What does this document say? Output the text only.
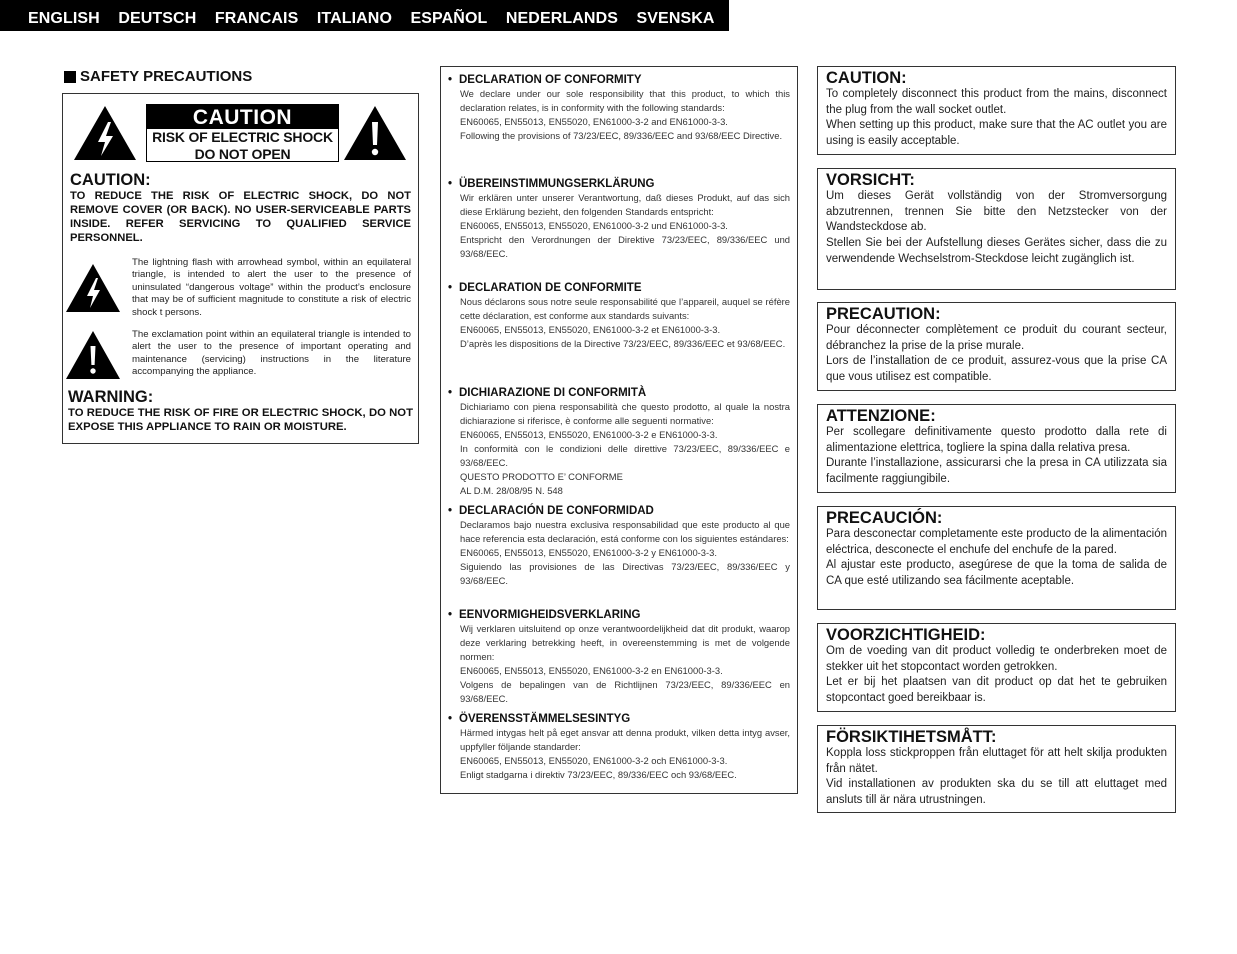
ENGLISH DEUTSCH FRANCAIS ITALIANO ESPAÑOL NEDERLANDS SVENSKA
SAFETY PRECAUTIONS
CAUTION
RISK OF ELECTRIC SHOCK
DO NOT OPEN
CAUTION:
TO REDUCE THE RISK OF ELECTRIC SHOCK, DO NOT REMOVE COVER (OR BACK). NO USER-SERVICEABLE PARTS INSIDE. REFER SERVICING TO QUALIFIED SERVICE PERSONNEL.
The lightning flash with arrowhead symbol, within an equilateral triangle, is intended to alert the user to the presence of uninsulated “dangerous voltage” within the product’s enclosure that may be of sufficient magnitude to constitute a risk of electric shock t persons.
The exclamation point within an equilateral triangle is intended to alert the user to the presence of important operating and maintenance (servicing) instructions in the literature accompanying the appliance.
WARNING:
TO REDUCE THE RISK OF FIRE OR ELECTRIC SHOCK, DO NOT EXPOSE THIS APPLIANCE TO RAIN OR MOISTURE.
• DECLARATION OF CONFORMITY

We declare under our sole responsibility that this product, to which this declaration relates, is in conformity with the following standards:

EN60065, EN55013, EN55020, EN61000-3-2 and EN61000-3-3.

Following the provisions of 73/23/EEC, 89/336/EEC and 93/68/EEC Directive.

• ÜBEREINSTIMMUNGSERKLÄRUNG

Wir erklären unter unserer Verantwortung, daß dieses Produkt, auf das sich diese Erklärung bezieht, den folgenden Standards entspricht:

EN60065, EN55013, EN55020, EN61000-3-2 und EN61000-3-3.

Entspricht den Verordnungen der Direktive 73/23/EEC, 89/336/EEC und 93/68/EEC.

• DECLARATION DE CONFORMITE

Nous déclarons sous notre seule responsabilité que l’appareil, auquel se réfère cette déclaration, est conforme aux standards suivants:

EN60065, EN55013, EN55020, EN61000-3-2 et EN61000-3-3.

D’après les dispositions de la Directive 73/23/EEC, 89/336/EEC et 93/68/EEC.

• DICHIARAZIONE DI CONFORMITÀ

Dichiariamo con piena responsabilità che questo prodotto, al quale la nostra dichiarazione si riferisce, è conforme alle seguenti normative:

EN60065, EN55013, EN55020, EN61000-3-2 e EN61000-3-3.

In conformità con le condizioni delle direttive 73/23/EEC, 89/336/EEC e 93/68/EEC.

QUESTO PRODOTTO E’ CONFORME

AL D.M. 28/08/95 N. 548

• DECLARACIÓN DE CONFORMIDAD

Declaramos bajo nuestra exclusiva responsabilidad que este producto al que hace referencia esta declaración, está conforme con los siguientes estándares:

EN60065, EN55013, EN55020, EN61000-3-2 y EN61000-3-3.

Siguiendo las provisiones de las Directivas 73/23/EEC, 89/336/EEC y 93/68/EEC.

• EENVORMIGHEIDSVERKLARING

Wij verklaren uitsluitend op onze verantwoordelijkheid dat dit produkt, waarop deze verklaring betrekking heeft, in overeenstemming is met de volgende normen:

EN60065, EN55013, EN55020, EN61000-3-2 en EN61000-3-3.

Volgens de bepalingen van de Richtlijnen 73/23/EEC, 89/336/EEC en 93/68/EEC.

• ÖVERENSSTÄMMELSESINTYG

Härmed intygas helt på eget ansvar att denna produkt, vilken detta intyg avser, uppfyller följande standarder:

EN60065, EN55013, EN55020, EN61000-3-2 och EN61000-3-3.

Enligt stadgarna i direktiv 73/23/EEC, 89/336/EEC och 93/68/EEC.

CAUTION:

To completely disconnect this product from the mains, disconnect the plug from the wall socket outlet.

When setting up this product, make sure that the AC outlet you are using is easily acceptable.

VORSICHT:

Um dieses Gerät vollständig von der Stromversorgung abzutrennen, trennen Sie bitte den Netzstecker von der Wandsteckdose ab.

Stellen Sie bei der Aufstellung dieses Gerätes sicher, dass die zu verwendende Wechselstrom-Steckdose leicht zugänglich ist.

PRECAUTION:

Pour déconnecter complètement ce produit du courant secteur, débranchez la prise de la prise murale.

Lors de l’installation de ce produit, assurez-vous que la prise CA que vous utilisez est compatible.

ATTENZIONE:

Per scollegare definitivamente questo prodotto dalla rete di alimentazione elettrica, togliere la spina dalla relativa presa.

Durante l’installazione, assicurarsi che la presa in CA utilizzata sia facilmente raggiungibile.

PRECAUCIÓN:

Para desconectar completamente este producto de la alimentación eléctrica, desconecte el enchufe del enchufe de la pared.

Al ajustar este producto, asegúrese de que la toma de salida de CA que esté utilizando sea fácilmente aceptable.

VOORZICHTIGHEID:

Om de voeding van dit product volledig te onderbreken moet de stekker uit het stopcontact worden getrokken.

Let er bij het plaatsen van dit product op dat het te gebruiken stopcontact goed bereikbaar is.

FÖRSIKTIHETSMÅTT:

Koppla loss stickproppen från eluttaget för att helt skilja produkten från nätet.

Vid installationen av produkten ska du se till att eluttaget med ansluts till är nära utrustningen.
